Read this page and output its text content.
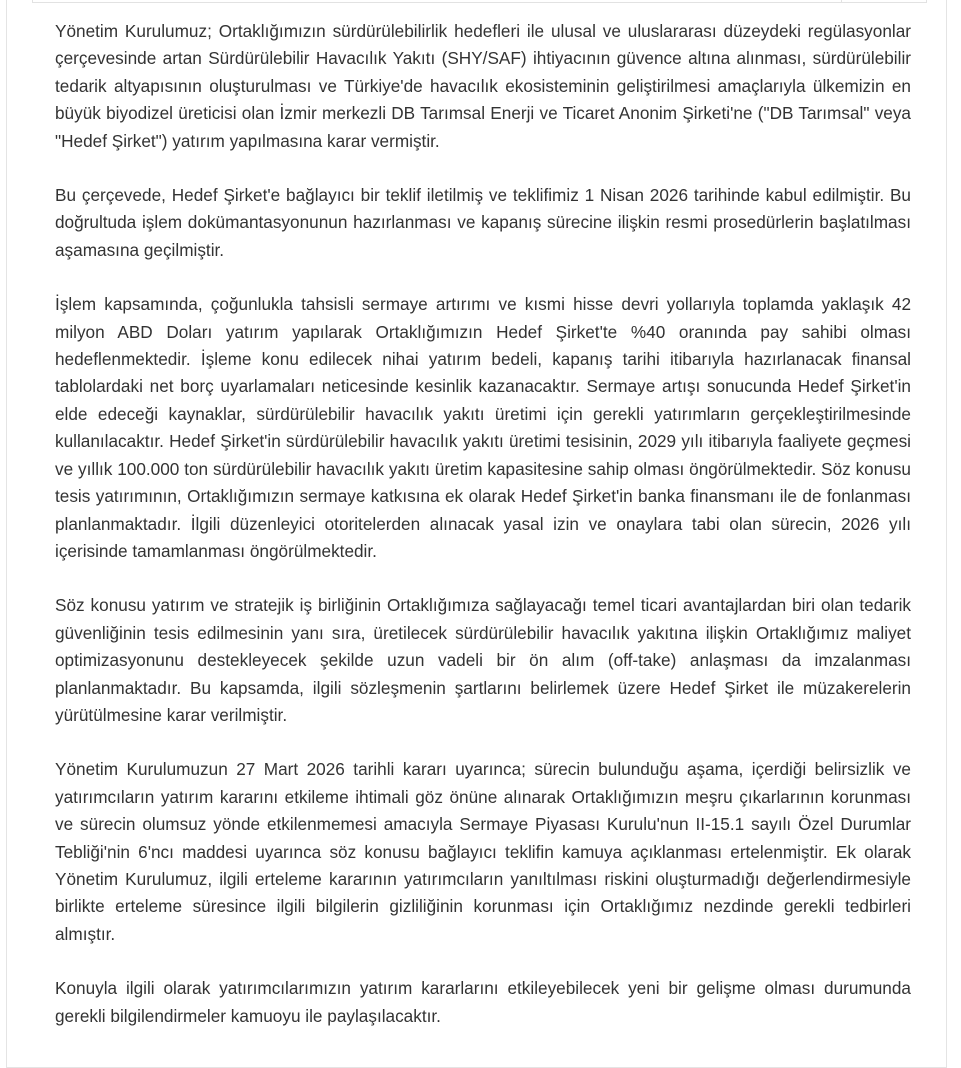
Yönetim Kurulumuz; Ortaklığımızın sürdürülebilirlik hedefleri ile ulusal ve uluslararası düzeydeki regülasyonlar çerçevesinde artan Sürdürülebilir Havacılık Yakıtı (SHY/SAF) ihtiyacının güvence altına alınması, sürdürülebilir tedarik altyapısının oluşturulması ve Türkiye'de havacılık ekosisteminin geliştirilmesi amaçlarıyla ülkemizin en büyük biyodizel üreticisi olan İzmir merkezli DB Tarımsal Enerji ve Ticaret Anonim Şirketi'ne ("DB Tarımsal" veya "Hedef Şirket") yatırım yapılmasına karar vermiştir.

Bu çerçevede, Hedef Şirket'e bağlayıcı bir teklif iletilmiş ve teklifimiz 1 Nisan 2026 tarihinde kabul edilmiştir. Bu doğrultuda işlem dokümantasyonunun hazırlanması ve kapanış sürecine ilişkin resmi prosedürlerin başlatılması aşamasına geçilmiştir.

İşlem kapsamında, çoğunlukla tahsisli sermaye artırımı ve kısmi hisse devri yollarıyla toplamda yaklaşık 42 milyon ABD Doları yatırım yapılarak Ortaklığımızın Hedef Şirket'te %40 oranında pay sahibi olması hedeflenmektedir. İşleme konu edilecek nihai yatırım bedeli, kapanış tarihi itibarıyla hazırlanacak finansal tablolardaki net borç uyarlamaları neticesinde kesinlik kazanacaktır. Sermaye artışı sonucunda Hedef Şirket'in elde edeceği kaynaklar, sürdürülebilir havacılık yakıtı üretimi için gerekli yatırımların gerçekleştirilmesinde kullanılacaktır. Hedef Şirket'in sürdürülebilir havacılık yakıtı üretimi tesisinin, 2029 yılı itibarıyla faaliyete geçmesi ve yıllık 100.000 ton sürdürülebilir havacılık yakıtı üretim kapasitesine sahip olması öngörülmektedir. Söz konusu tesis yatırımının, Ortaklığımızın sermaye katkısına ek olarak Hedef Şirket'in banka finansmanı ile de fonlanması planlanmaktadır. İlgili düzenleyici otoritelerden alınacak yasal izin ve onaylara tabi olan sürecin, 2026 yılı içerisinde tamamlanması öngörülmektedir.

Söz konusu yatırım ve stratejik iş birliğinin Ortaklığımıza sağlayacağı temel ticari avantajlardan biri olan tedarik güvenliğinin tesis edilmesinin yanı sıra, üretilecek sürdürülebilir havacılık yakıtına ilişkin Ortaklığımız maliyet optimizasyonunu destekleyecek şekilde uzun vadeli bir ön alım (off-take) anlaşması da imzalanması planlanmaktadır. Bu kapsamda, ilgili sözleşmenin şartlarını belirlemek üzere Hedef Şirket ile müzakerelerin yürütülmesine karar verilmiştir.

Yönetim Kurulumuzun 27 Mart 2026 tarihli kararı uyarınca; sürecin bulunduğu aşama, içerdiği belirsizlik ve yatırımcıların yatırım kararını etkileme ihtimali göz önüne alınarak Ortaklığımızın meşru çıkarlarının korunması ve sürecin olumsuz yönde etkilenmemesi amacıyla Sermaye Piyasası Kurulu'nun II-15.1 sayılı Özel Durumlar Tebliği'nin 6'ncı maddesi uyarınca söz konusu bağlayıcı teklifin kamuya açıklanması ertelenmiştir. Ek olarak Yönetim Kurulumuz, ilgili erteleme kararının yatırımcıların yanıltılması riskini oluşturmadığı değerlendirmesiyle birlikte erteleme süresince ilgili bilgilerin gizliliğinin korunması için Ortaklığımız nezdinde gerekli tedbirleri almıştır.

Konuyla ilgili olarak yatırımcılarımızın yatırım kararlarını etkileyebilecek yeni bir gelişme olması durumunda gerekli bilgilendirmeler kamuoyu ile paylaşılacaktır.
